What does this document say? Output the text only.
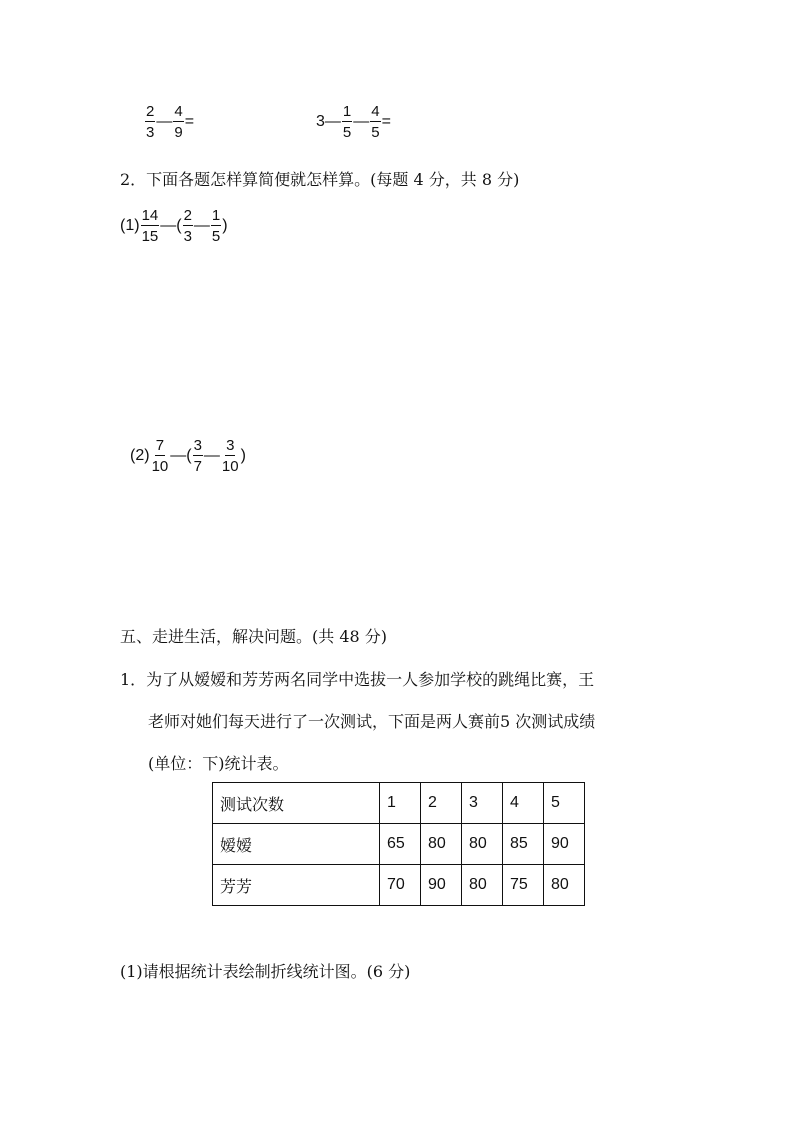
$\frac{2}{3}$ — $\frac{4}{9}$ =	3— $\frac{1}{5}$ — $\frac{4}{5}$ =
2．下面各题怎样算简便就怎样算。(每题 4 分，共 8 分)
$(1) \frac{14}{15}$ —( $\frac{2}{3}$ — $\frac{1}{5}$ )
$(2) \frac{7}{10}$ —( $\frac{3}{7}$ — $\frac{3}{10}$ )
五、走进生活，解决问题。(共 48 分)
1．为了从嫒嫒和芳芳两名同学中选拔一人参加学校的跳绳比赛，王
老师对她们每天进行了一次测试，下面是两人赛前5 次测试成绩
(单位：下)统计表。
测试次数	1	2	3	4	5
嫒嫒	65	80	80	85	90
芳芳	70	90	80	75	80
(1)请根据统计表绘制折线统计图。(6 分)
